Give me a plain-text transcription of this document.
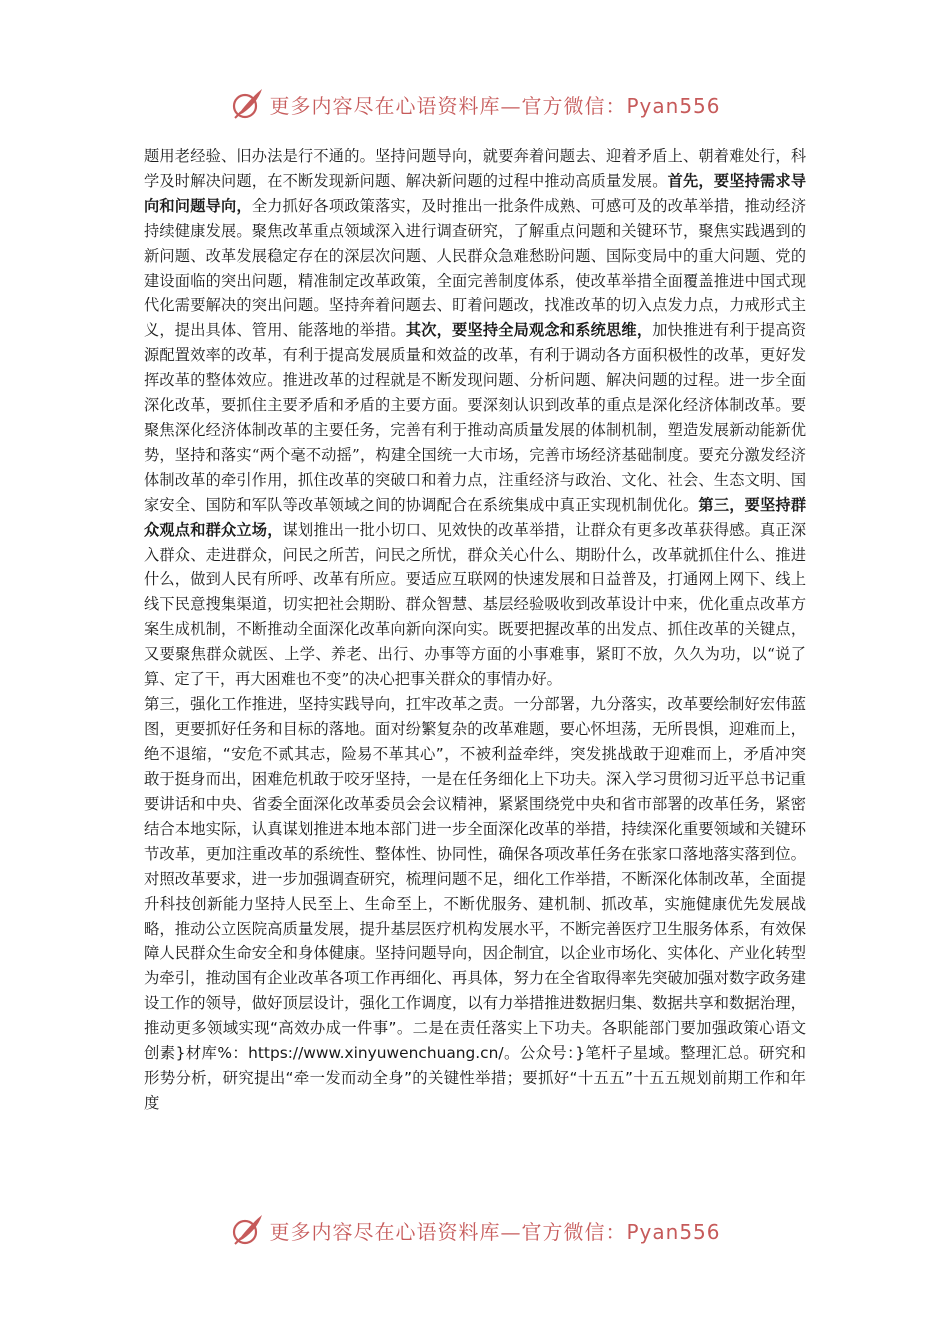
更多内容尽在心语资料库—官方微信：Pyan556

题用老经验、旧办法是行不通的。坚持问题导向，就要奔着问题去、迎着矛盾上、朝着难处行，科学及时解决问题，在不断发现新问题、解决新问题的过程中推动高质量发展。首先，要坚持需求导向和问题导向，全力抓好各项政策落实，及时推出一批条件成熟、可感可及的改革举措，推动经济持续健康发展。聚焦改革重点领域深入进行调查研究，了解重点问题和关键环节，聚焦实践遇到的新问题、改革发展稳定存在的深层次问题、人民群众急难愁盼问题、国际变局中的重大问题、党的建设面临的突出问题，精准制定改革政策，全面完善制度体系，使改革举措全面覆盖推进中国式现代化需要解决的突出问题。坚持奔着问题去、盯着问题改，找准改革的切入点发力点，力戒形式主义，提出具体、管用、能落地的举措。其次，要坚持全局观念和系统思维，加快推进有利于提高资源配置效率的改革，有利于提高发展质量和效益的改革，有利于调动各方面积极性的改革，更好发挥改革的整体效应。推进改革的过程就是不断发现问题、分析问题、解决问题的过程。进一步全面深化改革，要抓住主要矛盾和矛盾的主要方面。要深刻认识到改革的重点是深化经济体制改革。要聚焦深化经济体制改革的主要任务，完善有利于推动高质量发展的体制机制，塑造发展新动能新优势，坚持和落实“两个毫不动摇”，构建全国统一大市场，完善市场经济基础制度。要充分激发经济体制改革的牵引作用，抓住改革的突破口和着力点，注重经济与政治、文化、社会、生态文明、国家安全、国防和军队等改革领域之间的协调配合在系统集成中真正实现机制优化。第三，要坚持群众观点和群众立场，谋划推出一批小切口、见效快的改革举措，让群众有更多改革获得感。真正深入群众、走进群众，问民之所苦，问民之所忧，群众关心什么、期盼什么，改革就抓住什么、推进什么，做到人民有所呼、改革有所应。要适应互联网的快速发展和日益普及，打通网上网下、线上线下民意搜集渠道，切实把社会期盼、群众智慧、基层经验吸收到改革设计中来，优化重点改革方案生成机制，不断推动全面深化改革向新向深向实。既要把握改革的出发点、抓住改革的关键点，又要聚焦群众就医、上学、养老、出行、办事等方面的小事难事，紧盯不放，久久为功，以“说了算、定了干，再大困难也不变”的决心把事关群众的事情办好。

第三，强化工作推进，坚持实践导向，扛牢改革之责。一分部署，九分落实，改革要绘制好宏伟蓝图，更要抓好任务和目标的落地。面对纷繁复杂的改革难题，要心怀坦荡，无所畏惧，迎难而上，绝不退缩，“安危不贰其志，险易不革其心”，不被利益牵绊，突发挑战敢于迎难而上，矛盾冲突敢于挺身而出，困难危机敢于咬牙坚持，一是在任务细化上下功夫。深入学习贯彻习近平总书记重要讲话和中央、省委全面深化改革委员会会议精神，紧紧围绕党中央和省市部署的改革任务，紧密结合本地实际，认真谋划推进本地本部门进一步全面深化改革的举措，持续深化重要领域和关键环节改革，更加注重改革的系统性、整体性、协同性，确保各项改革任务在张家口落地落实落到位。对照改革要求，进一步加强调查研究，梳理问题不足，细化工作举措，不断深化体制改革，全面提升科技创新能力坚持人民至上、生命至上，不断优服务、建机制、抓改革，实施健康优先发展战略，推动公立医院高质量发展，提升基层医疗机构发展水平，不断完善医疗卫生服务体系，有效保障人民群众生命安全和身体健康。坚持问题导向，因企制宜，以企业市场化、实体化、产业化转型为牵引，推动国有企业改革各项工作再细化、再具体，努力在全省取得率先突破加强对数字政务建设工作的领导，做好顶层设计，强化工作调度，以有力举措推进数据归集、数据共享和数据治理，推动更多领域实现“高效办成一件事”。二是在责任落实上下功夫。各职能部门要加强政策心语文创素}材库%：https://www.xinyuwenchuang.cn/。公众号：}笔杆子星域。整理汇总。研究和形势分析，研究提出“牵一发而动全身”的关键性举措；要抓好“十五五”十五五规划前期工作和年度

更多内容尽在心语资料库—官方微信：Pyan556
